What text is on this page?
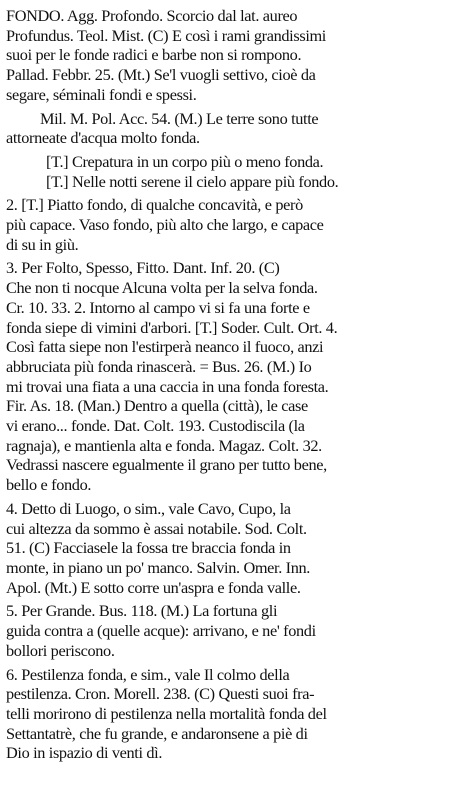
FONDO. Agg. Profondo. Scorcio dal lat. aureo
Profundus. Teol. Mist. (C) E così i rami grandissimi
suoi per le fonde radici e barbe non si rompono.
Pallad. Febbr. 25. (Mt.) Se'l vuogli settivo, cioè da
segare, séminali fondi e spessi.
Mil. M. Pol. Acc. 54. (M.) Le terre sono tutte
attorneate d'acqua molto fonda.
[T.] Crepatura in un corpo più o meno fonda.
[T.] Nelle notti serene il cielo appare più fondo.
2. [T.] Piatto fondo, di qualche concavità, e però
più capace. Vaso fondo, più alto che largo, e capace
di su in giù.
3. Per Folto, Spesso, Fitto. Dant. Inf. 20. (C)
Che non ti nocque Alcuna volta per la selva fonda.
Cr. 10. 33. 2. Intorno al campo vi si fa una forte e
fonda siepe di vimini d'arbori. [T.] Soder. Cult. Ort. 4.
Così fatta siepe non l'estirperà neanco il fuoco, anzi
abbruciata più fonda rinascerà. = Bus. 26. (M.) Io
mi trovai una fiata a una caccia in una fonda foresta.
Fir. As. 18. (Man.) Dentro a quella (città), le case
vi erano... fonde. Dat. Colt. 193. Custodiscila (la
ragnaja), e mantienla alta e fonda. Magaz. Colt. 32.
Vedrassi nascere egualmente il grano per tutto bene,
bello e fondo.
4. Detto di Luogo, o sim., vale Cavo, Cupo, la
cui altezza da sommo è assai notabile. Sod. Colt.
51. (C) Facciasele la fossa tre braccia fonda in
monte, in piano un po' manco. Salvin. Omer. Inn.
Apol. (Mt.) E sotto corre un'aspra e fonda valle.
5. Per Grande. Bus. 118. (M.) La fortuna gli
guida contra a (quelle acque): arrivano, e ne' fondi
bollori periscono.
6. Pestilenza fonda, e sim., vale Il colmo della
pestilenza. Cron. Morell. 238. (C) Questi suoi fra-
telli morirono di pestilenza nella mortalità fonda del
Settantatrè, che fu grande, e andaronsene a piè di
Dio in ispazio di venti dì.
